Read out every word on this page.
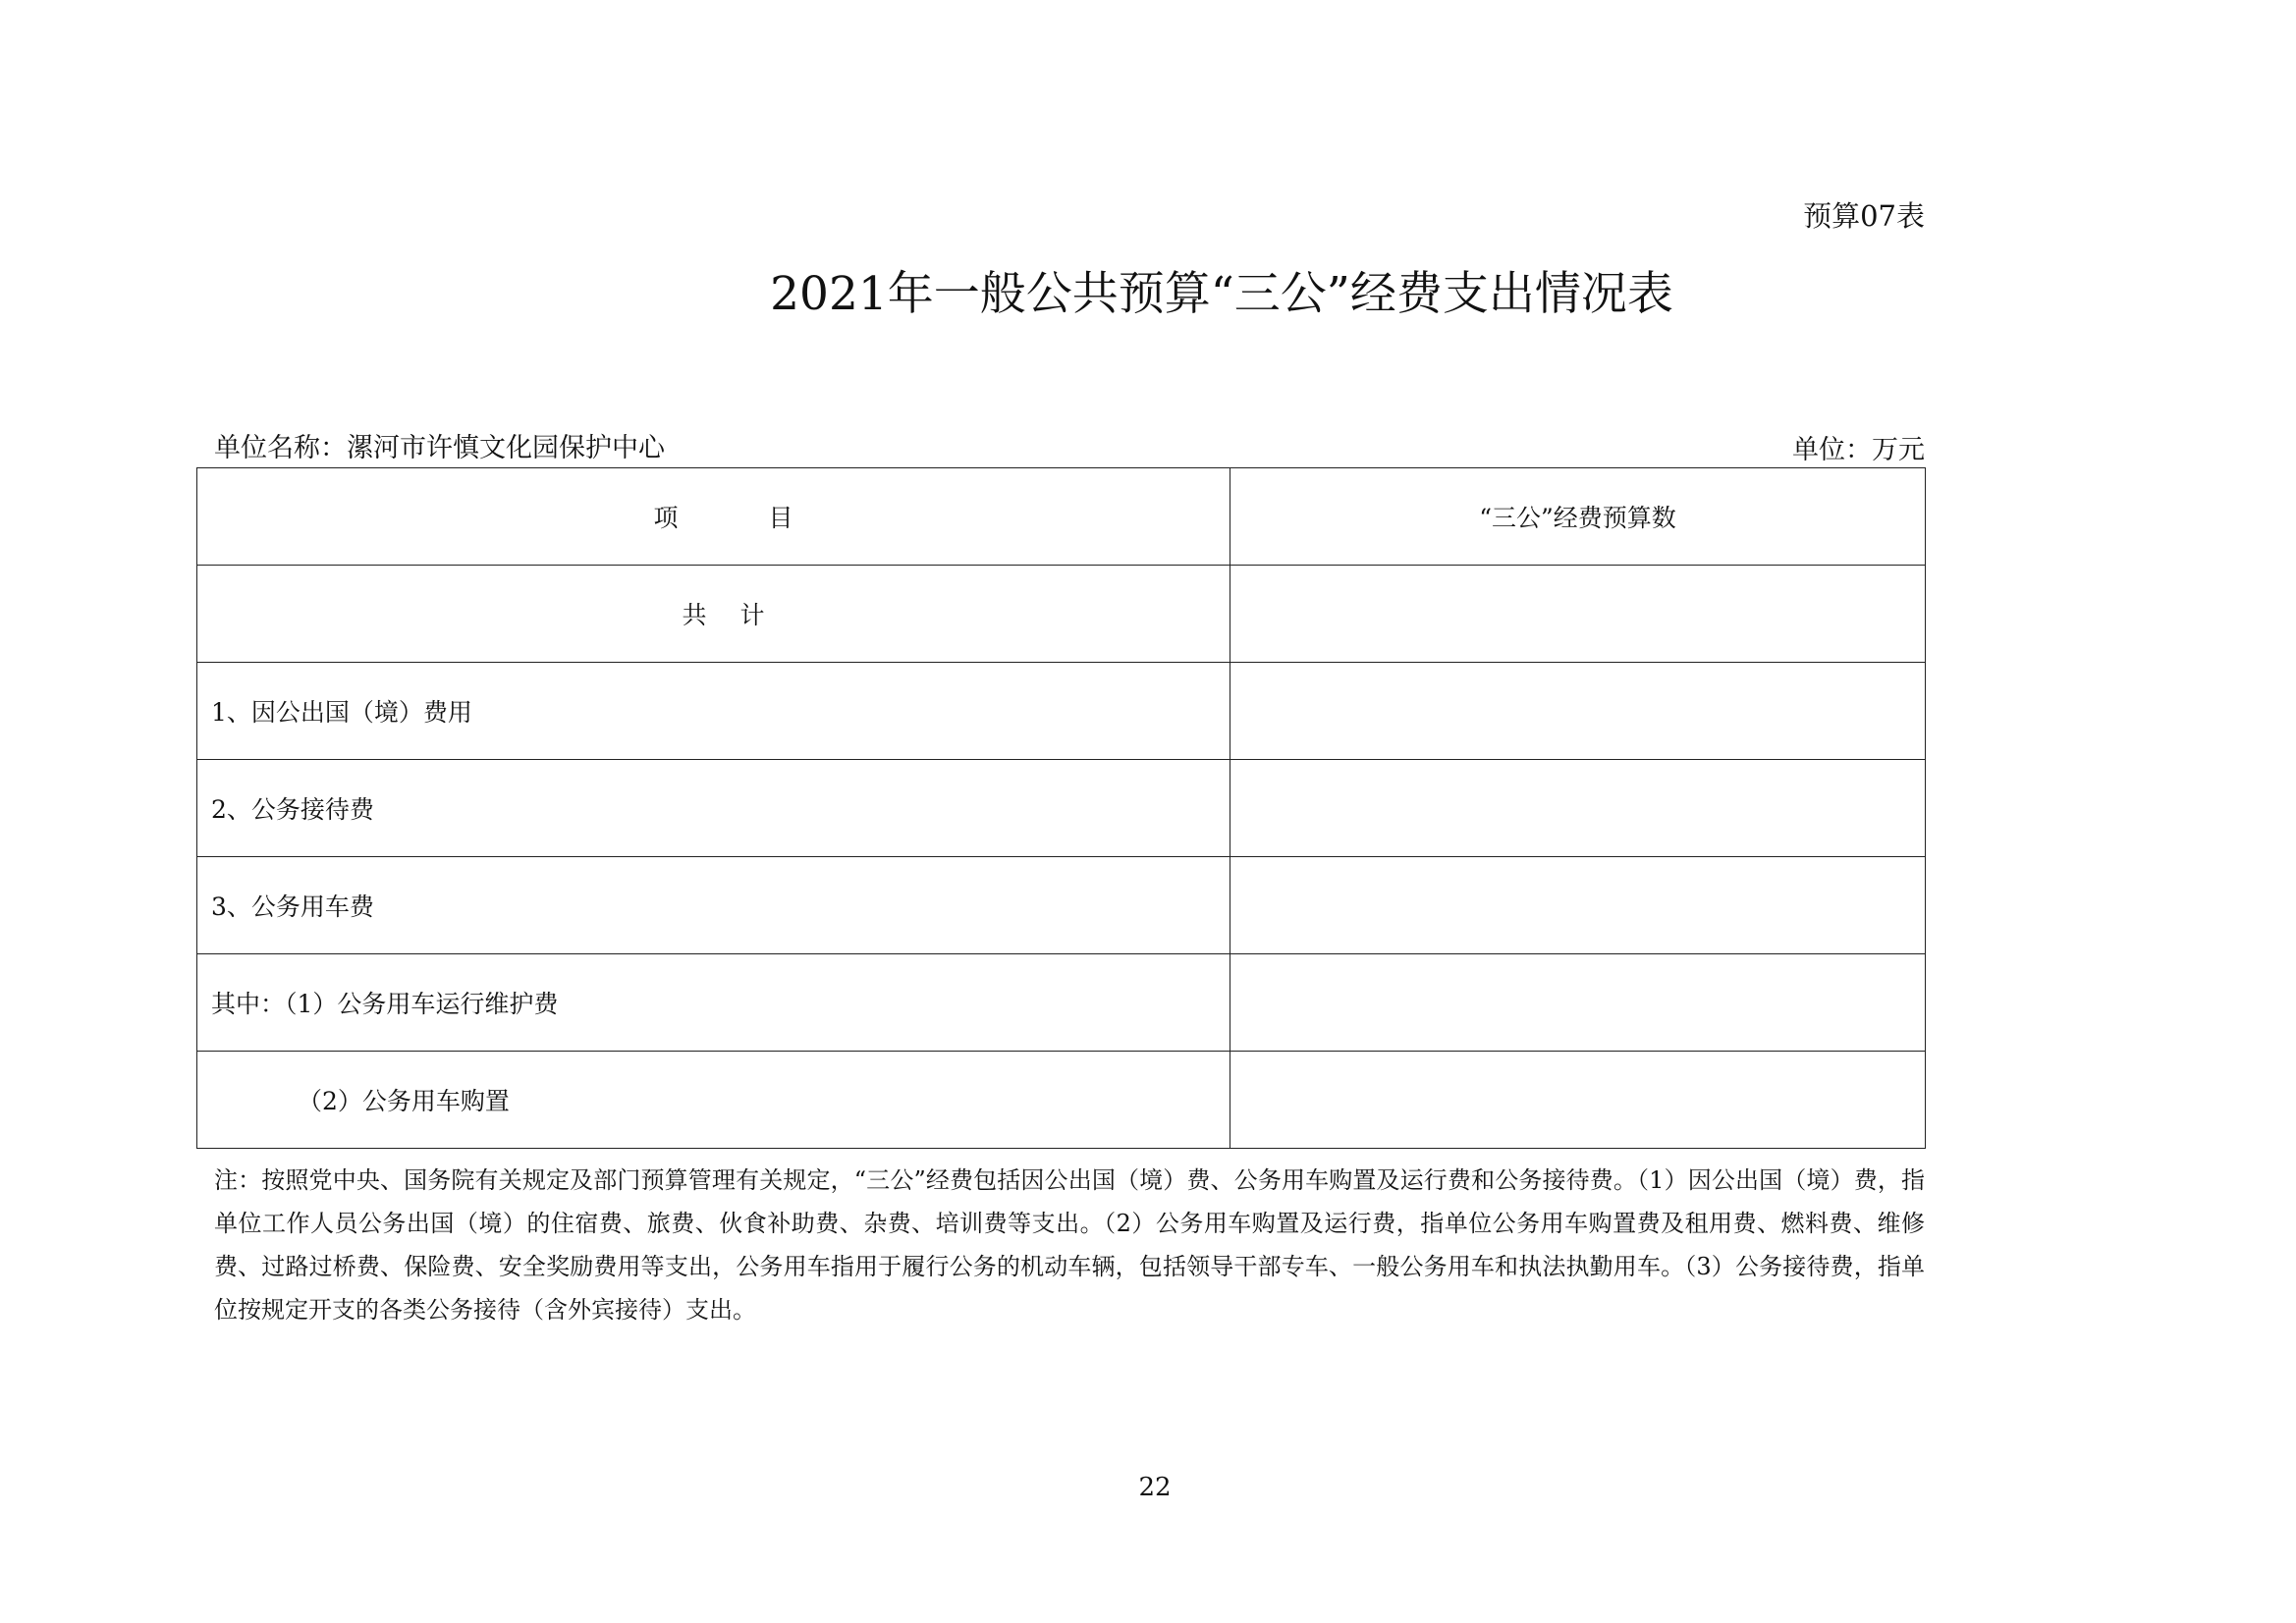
预算07表
2021年一般公共预算“三公”经费支出情况表
单位名称：漯河市许慎文化园保护中心	单位：万元
项 目	“三公”经费预算数
共 计	
1、因公出国（境）费用	
2、公务接待费	
3、公务用车费	
其中：（1）公务用车运行维护费	
（2）公务用车购置	
注：按照党中央、国务院有关规定及部门预算管理有关规定，“三公”经费包括因公出国（境）费、公务用车购置及运行费和公务接待费。（1）因公出国（境）费，指单位工作人员公务出国（境）的住宿费、旅费、伙食补助费、杂费、培训费等支出。（2）公务用车购置及运行费，指单位公务用车购置费及租用费、燃料费、维修费、过路过桥费、保险费、安全奖励费用等支出，公务用车指用于履行公务的机动车辆，包括领导干部专车、一般公务用车和执法执勤用车。（3）公务接待费，指单位按规定开支的各类公务接待（含外宾接待）支出。
22
